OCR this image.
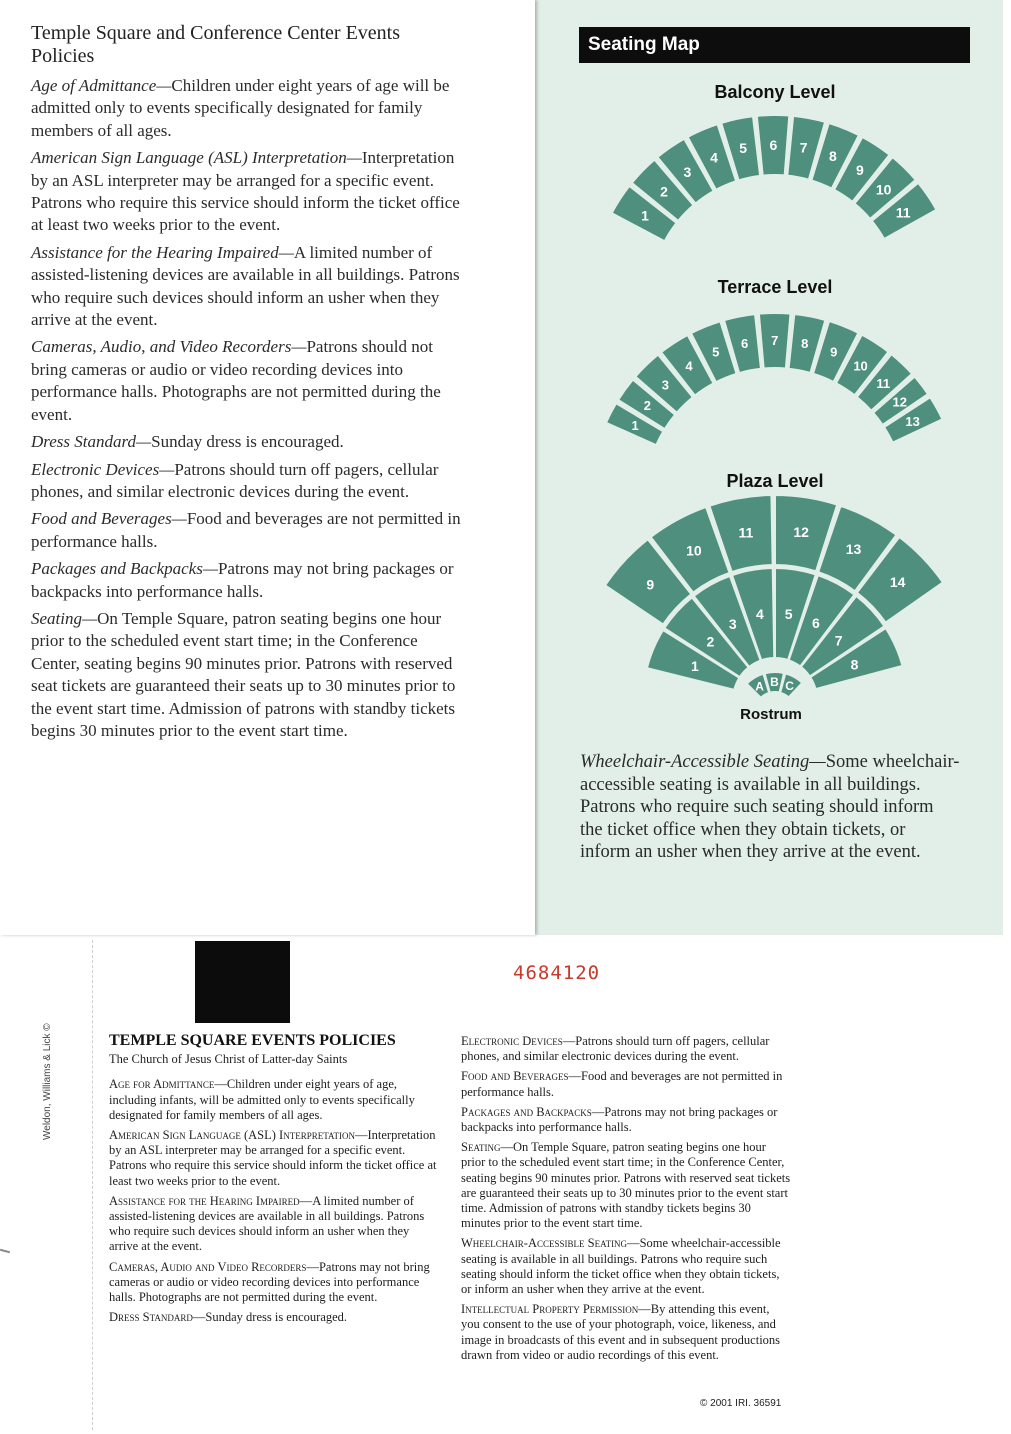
Temple Square and Conference Center Events Policies

Age of Admittance—Children under eight years of age will be admitted only to events specifically designated for family members of all ages.

American Sign Language (ASL) Interpretation—Interpretation by an ASL interpreter may be arranged for a specific event. Patrons who require this service should inform the ticket office at least two weeks prior to the event.

Assistance for the Hearing Impaired—A limited number of assisted-listening devices are available in all buildings. Patrons who require such devices should inform an usher when they arrive at the event.

Cameras, Audio, and Video Recorders—Patrons should not bring cameras or audio or video recording devices into performance halls. Photographs are not permitted during the event.

Dress Standard—Sunday dress is encouraged.

Electronic Devices—Patrons should turn off pagers, cellular phones, and similar electronic devices during the event.

Food and Beverages—Food and beverages are not permitted in performance halls.

Packages and Backpacks—Patrons may not bring packages or backpacks into performance halls.

Seating—On Temple Square, patron seating begins one hour prior to the scheduled event start time; in the Conference Center, seating begins 90 minutes prior. Patrons with reserved seat tickets are guaranteed their seats up to 30 minutes prior to the event start time. Admission of patrons with standby tickets begins 30 minutes prior to the event start time.

Seating Map
Balcony Level
Terrace Level
Plaza Level
1
2
3
4
5 6 7
8
9
10
11
1
2
3
4
5
6 7 8
9
10
11
12
13
9
10
11	12
13
14
1
2
3
4 5
6
7
8
A B C
Rostrum
Wheelchair-Accessible Seating—Some wheelchair-accessible seating is available in all buildings. Patrons who require such seating should inform the ticket office when they obtain tickets, or inform an usher when they arrive at the event.
4684120
Weldon, Williams & Lick ©	TEMPLE SQUARE EVENTS POLICIES
The Church of Jesus Christ of Latter-day Saints

Age for Admittance—Children under eight years of age, including infants, will be admitted only to events specifically designated for family members of all ages.

American Sign Language (ASL) Interpretation—Interpretation by an ASL interpreter may be arranged for a specific event. Patrons who require this service should inform the ticket office at least two weeks prior to the event.

Assistance for the Hearing Impaired—A limited number of assisted-listening devices are available in all buildings. Patrons who require such devices should inform an usher when they arrive at the event.

Cameras, Audio and Video Recorders—Patrons may not bring cameras or audio or video recording devices into performance halls. Photographs are not permitted during the event.

Dress Standard—Sunday dress is encouraged.

Electronic Devices—Patrons should turn off pagers, cellular phones, and similar electronic devices during the event.

Food and Beverages—Food and beverages are not permitted in performance halls.

Packages and Backpacks—Patrons may not bring packages or backpacks into performance halls.

Seating—On Temple Square, patron seating begins one hour prior to the scheduled event start time; in the Conference Center, seating begins 90 minutes prior. Patrons with reserved seat tickets are guaranteed their seats up to 30 minutes prior to the event start time. Admission of patrons with standby tickets begins 30 minutes prior to the event start time.

Wheelchair-Accessible Seating—Some wheelchair-accessible seating is available in all buildings. Patrons who require such seating should inform the ticket office when they obtain tickets, or inform an usher when they arrive at the event.

Intellectual Property Permission—By attending this event, you consent to the use of your photograph, voice, likeness, and image in broadcasts of this event and in subsequent productions drawn from video or audio recordings of this event.

© 2001 IRI. 36591
